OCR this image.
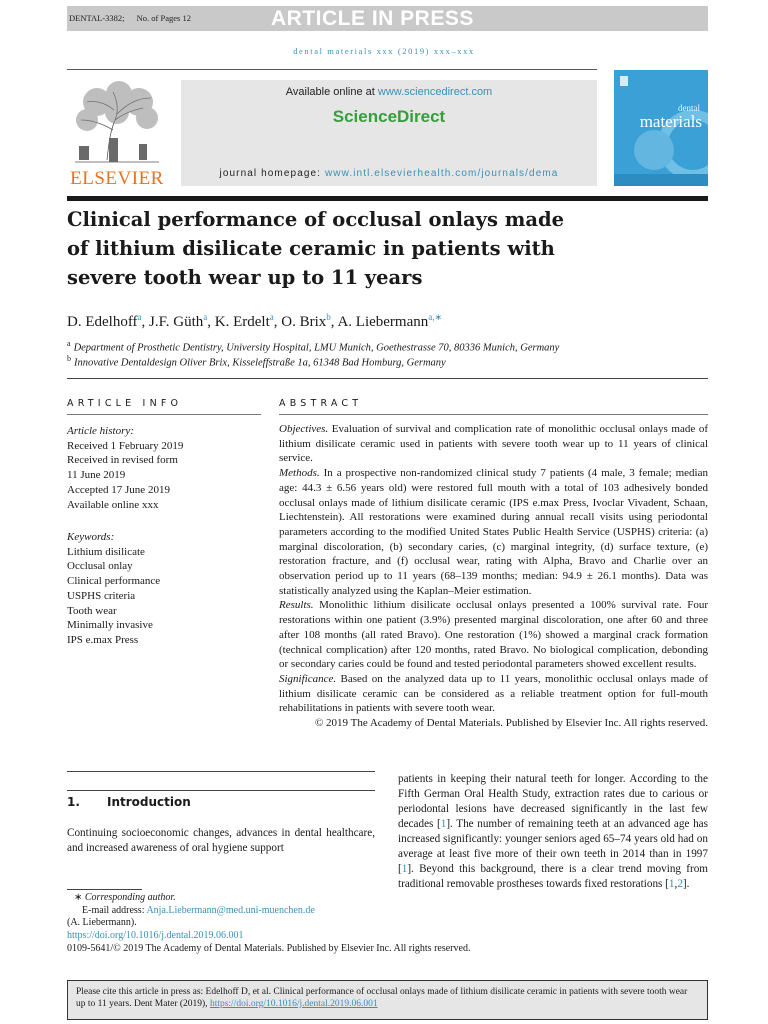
DENTAL-3382; No. of Pages 12	ARTICLE IN PRESS
dental materials xxx (2019) xxx–xxx
ELSEVIER
Available online at www.sciencedirect.com
ScienceDirect
journal homepage: www.intl.elsevierhealth.com/journals/dema
dental
materials
Clinical performance of occlusal onlays made of lithium disilicate ceramic in patients with severe tooth wear up to 11 years
D. Edelhoff$^a$, J.F. Güth$^a$, K. Erdelt$^a$, O. Brix$^b$, A. Liebermann$^{a,∗}$
$^a$ Department of Prosthetic Dentistry, University Hospital, LMU Munich, Goethestrasse 70, 80336 Munich, Germany
$^b$ Innovative Dentaldesign Oliver Brix, Kisseleffstraße 1a, 61348 Bad Homburg, Germany
ARTICLE INFO	ABSTRACT
Article history:
Received 1 February 2019
Received in revised form
11 June 2019
Accepted 17 June 2019
Available online xxx
Keywords:
Lithium disilicate
Occlusal onlay
Clinical performance
USPHS criteria
Tooth wear
Minimally invasive
IPS e.max Press

Objectives. Evaluation of survival and complication rate of monolithic occlusal onlays made of lithium disilicate ceramic used in patients with severe tooth wear up to 11 years of clinical service.

Methods. In a prospective non-randomized clinical study 7 patients (4 male, 3 female; median age: 44.3 ± 6.56 years old) were restored full mouth with a total of 103 adhesively bonded occlusal onlays made of lithium disilicate ceramic (IPS e.max Press, Ivoclar Vivadent, Schaan, Liechtenstein). All restorations were examined during annual recall visits using periodontal parameters according to the modified United States Public Health Service (USPHS) criteria: (a) marginal discoloration, (b) secondary caries, (c) marginal integrity, (d) surface texture, (e) restoration fracture, and (f) occlusal wear, rating with Alpha, Bravo and Charlie over an observation period up to 11 years (68–139 months; median: 94.9 ± 26.1 months). Data was statistically analyzed using the Kaplan–Meier estimation.

Results. Monolithic lithium disilicate occlusal onlays presented a 100% survival rate. Four restorations within one patient (3.9%) presented marginal discoloration, one after 60 and three after 108 months (all rated Bravo). One restoration (1%) showed a marginal crack formation (technical complication) after 120 months, rated Bravo. No biological complication, debonding or secondary caries could be found and tested periodontal parameters showed excellent results.

Significance. Based on the analyzed data up to 11 years, monolithic occlusal onlays made of lithium disilicate ceramic can be considered as a reliable treatment option for full-mouth rehabilitations in patients with severe tooth wear.

© 2019 The Academy of Dental Materials. Published by Elsevier Inc. All rights reserved.

1. Introduction
Continuing socioeconomic changes, advances in dental healthcare, and increased awareness of oral hygiene support
patients in keeping their natural teeth for longer. According to the Fifth German Oral Health Study, extraction rates due to carious or periodontal lesions have decreased significantly in the last few decades [1]. The number of remaining teeth at an advanced age has increased significantly: younger seniors aged 65–74 years old had on average at least five more of their own teeth in 2014 than in 1997 [1]. Beyond this background, there is a clear trend moving from traditional removable prostheses towards fixed restorations [1,2].
∗ Corresponding author.
E-mail address: Anja.Liebermann@med.uni-muenchen.de
(A. Liebermann).
https://doi.org/10.1016/j.dental.2019.06.001
0109-5641/© 2019 The Academy of Dental Materials. Published by Elsevier Inc. All rights reserved.
Please cite this article in press as: Edelhoff D, et al. Clinical performance of occlusal onlays made of lithium disilicate ceramic in patients with severe tooth wear up to 11 years. Dent Mater (2019), https://doi.org/10.1016/j.dental.2019.06.001
